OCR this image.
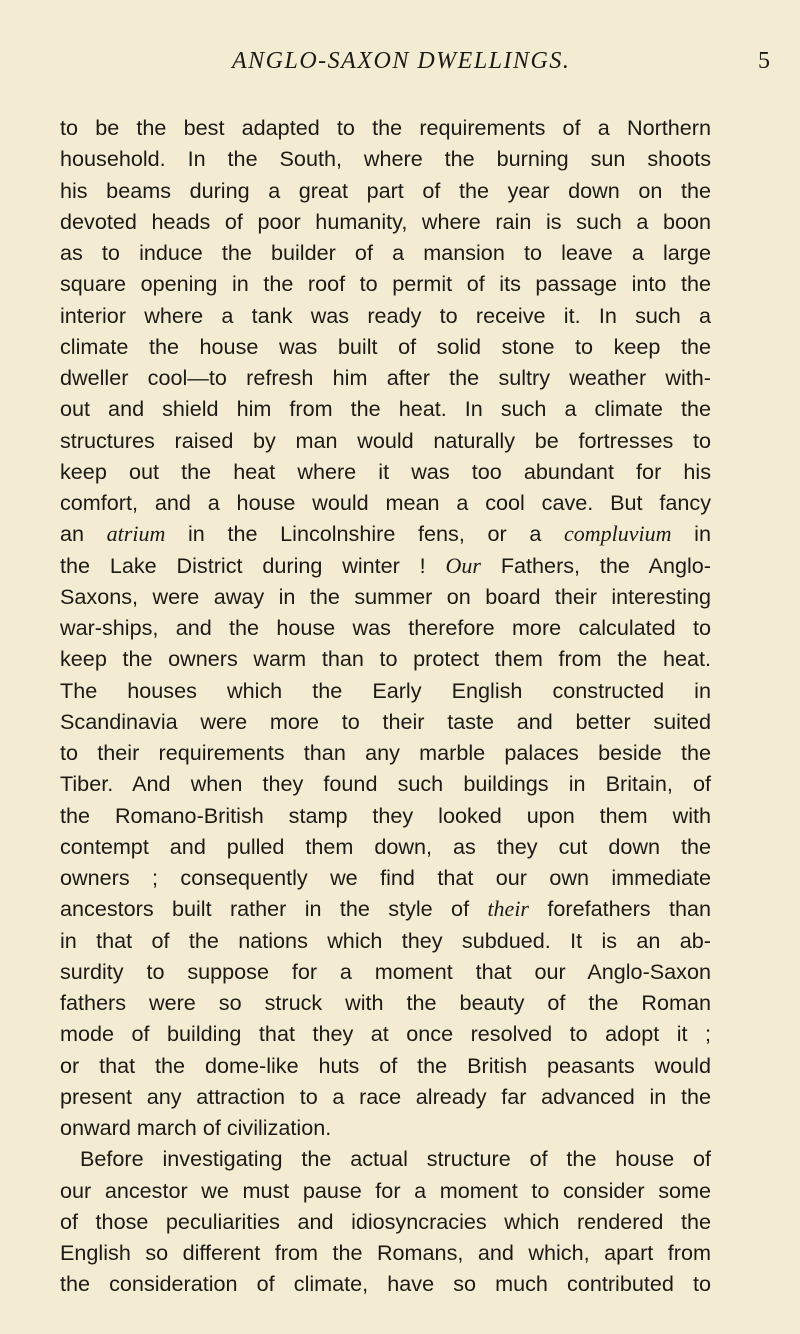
ANGLO-SAXON DWELLINGS.	5
to be the best adapted to the requirements of a Northern
household. In the South, where the burning sun shoots
his beams during a great part of the year down on the
devoted heads of poor humanity, where rain is such a boon
as to induce the builder of a mansion to leave a large
square opening in the roof to permit of its passage into the
interior where a tank was ready to receive it. In such a
climate the house was built of solid stone to keep the
dweller cool—to refresh him after the sultry weather with-
out and shield him from the heat. In such a climate the
structures raised by man would naturally be fortresses to
keep out the heat where it was too abundant for his
comfort, and a house would mean a cool cave. But fancy
an atrium in the Lincolnshire fens, or a compluvium in
the Lake District during winter ! Our Fathers, the Anglo-
Saxons, were away in the summer on board their interesting
war-ships, and the house was therefore more calculated to
keep the owners warm than to protect them from the heat.
The houses which the Early English constructed in
Scandinavia were more to their taste and better suited
to their requirements than any marble palaces beside the
Tiber. And when they found such buildings in Britain, of
the Romano-British stamp they looked upon them with
contempt and pulled them down, as they cut down the
owners ; consequently we find that our own immediate
ancestors built rather in the style of their forefathers than
in that of the nations which they subdued. It is an ab-
surdity to suppose for a moment that our Anglo-Saxon
fathers were so struck with the beauty of the Roman
mode of building that they at once resolved to adopt it ;
or that the dome-like huts of the British peasants would
present any attraction to a race already far advanced in the
onward march of civilization.
Before investigating the actual structure of the house of
our ancestor we must pause for a moment to consider some
of those peculiarities and idiosyncracies which rendered the
English so different from the Romans, and which, apart from
the consideration of climate, have so much contributed to
